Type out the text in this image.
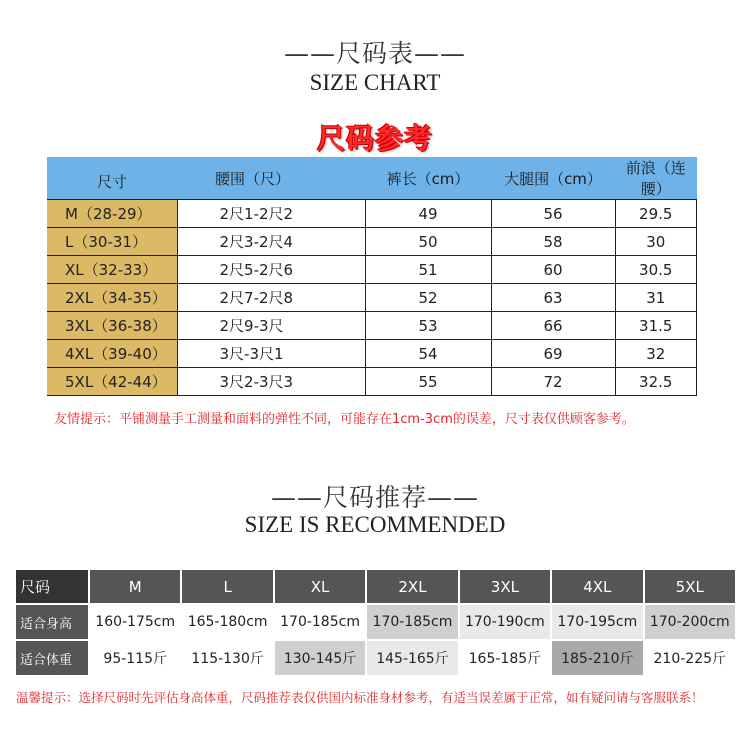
——尺码表——
SIZE CHART
尺码参考
尺寸	腰围（尺）	裤长（cm）	大腿围（cm）	前浪（连腰）
M（28-29）	2尺1-2尺2	49	56	29.5
L（30-31）	2尺3-2尺4	50	58	30
XL（32-33）	2尺5-2尺6	51	60	30.5
2XL（34-35）	2尺7-2尺8	52	63	31
3XL（36-38）	2尺9-3尺	53	66	31.5
4XL（39-40）	3尺-3尺1	54	69	32
5XL（42-44）	3尺2-3尺3	55	72	32.5
友情提示：平铺测量手工测量和面料的弹性不同，可能存在1cm-3cm的误差，尺寸表仅供顾客参考。
——尺码推荐——
SIZE IS RECOMMENDED
尺码	M	L	XL	2XL	3XL	4XL	5XL
适合身高	160-175cm	165-180cm	170-185cm	170-185cm	170-190cm	170-195cm	170-200cm
适合体重	95-115斤	115-130斤	130-145斤	145-165斤	165-185斤	185-210斤	210-225斤
温馨提示：选择尺码时先评估身高体重，尺码推荐表仅供国内标准身材参考，有适当误差属于正常，如有疑问请与客服联系！
